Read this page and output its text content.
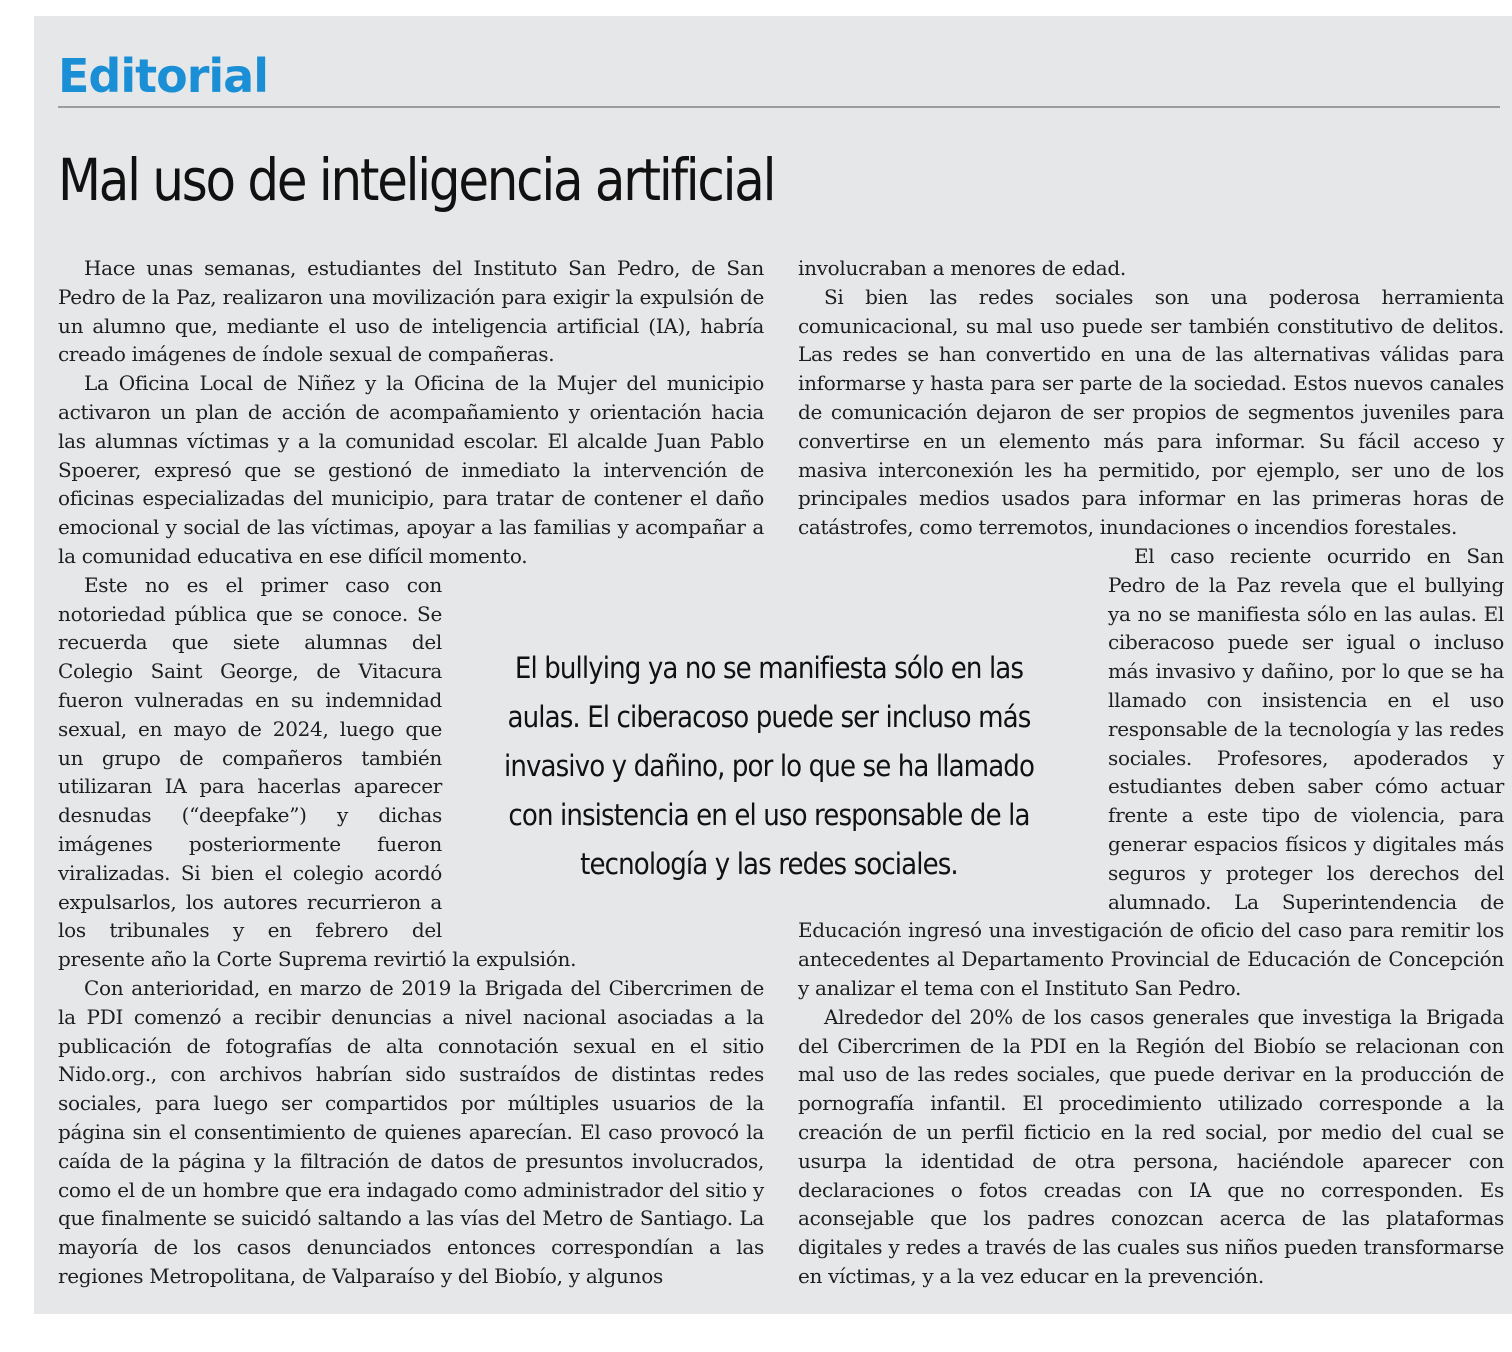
Editorial
Mal uso de inteligencia artificial

Hace unas semanas, estudiantes del Instituto San Pedro, de San Pedro de la Paz, realizaron una movilización para exigir la expulsión de un alumno que, mediante el uso de inteligencia artificial (IA), habría creado imágenes de índole sexual de compañeras.

La Oficina Local de Niñez y la Oficina de la Mujer del municipio activaron un plan de acción de acompañamiento y orientación hacia las alumnas víctimas y a la comunidad escolar. El alcalde Juan Pablo Spoerer, expresó que se gestionó de inmediato la intervención de oficinas especializadas del municipio, para tratar de contener el daño emocional y social de las víctimas, apoyar a las familias y acompañar a la comunidad educativa en ese difícil momento.

Este no es el primer caso con notoriedad pública que se conoce. Se recuerda que siete alumnas del Colegio Saint George, de Vitacura fueron vulneradas en su indemnidad sexual, en mayo de 2024, luego que un grupo de compañeros también utilizaran IA para hacerlas aparecer desnudas (“deepfake”) y dichas imágenes posteriormente fueron viralizadas. Si bien el colegio acordó expulsarlos, los autores recurrieron a los tribunales y en febrero del presente año la Corte Suprema revirtió la expulsión.

Con anterioridad, en marzo de 2019 la Brigada del Cibercrimen de la PDI comenzó a recibir denuncias a nivel nacional asociadas a la publicación de fotografías de alta connotación sexual en el sitio Nido.org., con archivos habrían sido sustraídos de distintas redes sociales, para luego ser compartidos por múltiples usuarios de la página sin el consentimiento de quienes aparecían. El caso provocó la caída de la página y la filtración de datos de presuntos involucrados, como el de un hombre que era indagado como administrador del sitio y que finalmente se suicidó saltando a las vías del Metro de Santiago. La mayoría de los casos denunciados entonces correspondían a las regiones Metropolitana, de Valparaíso y del Biobío, y algunos

involucraban a menores de edad.

Si bien las redes sociales son una poderosa herramienta comunicacional, su mal uso puede ser también constitutivo de delitos. Las redes se han convertido en una de las alternativas válidas para informarse y hasta para ser parte de la sociedad. Estos nuevos canales de comunicación dejaron de ser propios de segmentos juveniles para convertirse en un elemento más para informar. Su fácil acceso y masiva interconexión les ha permitido, por ejemplo, ser uno de los principales medios usados para informar en las primeras horas de catástrofes, como terremotos, inundaciones o incendios forestales.

El caso reciente ocurrido en San Pedro de la Paz revela que el bullying ya no se manifiesta sólo en las aulas. El ciberacoso puede ser igual o incluso más invasivo y dañino, por lo que se ha llamado con insistencia en el uso responsable de la tecnología y las redes sociales. Profesores, apoderados y estudiantes deben saber cómo actuar frente a este tipo de violencia, para generar espacios físicos y digitales más seguros y proteger los derechos del alumnado. La Superintendencia de Educación ingresó una investigación de oficio del caso para remitir los antecedentes al Departamento Provincial de Educación de Concepción y analizar el tema con el Instituto San Pedro.

Alrededor del 20% de los casos generales que investiga la Brigada del Cibercrimen de la PDI en la Región del Biobío se relacionan con mal uso de las redes sociales, que puede derivar en la producción de pornografía infantil. El procedimiento utilizado corresponde a la creación de un perfil ficticio en la red social, por medio del cual se usurpa la identidad de otra persona, haciéndole aparecer con declaraciones o fotos creadas con IA que no corresponden. Es aconsejable que los padres conozcan acerca de las plataformas digitales y redes a través de las cuales sus niños pueden transformarse en víctimas, y a la vez educar en la prevención.

El bullying ya no se manifiesta sólo en las aulas. El ciberacoso puede ser incluso más invasivo y dañino, por lo que se ha llamado con insistencia en el uso responsable de la tecnología y las redes sociales.
